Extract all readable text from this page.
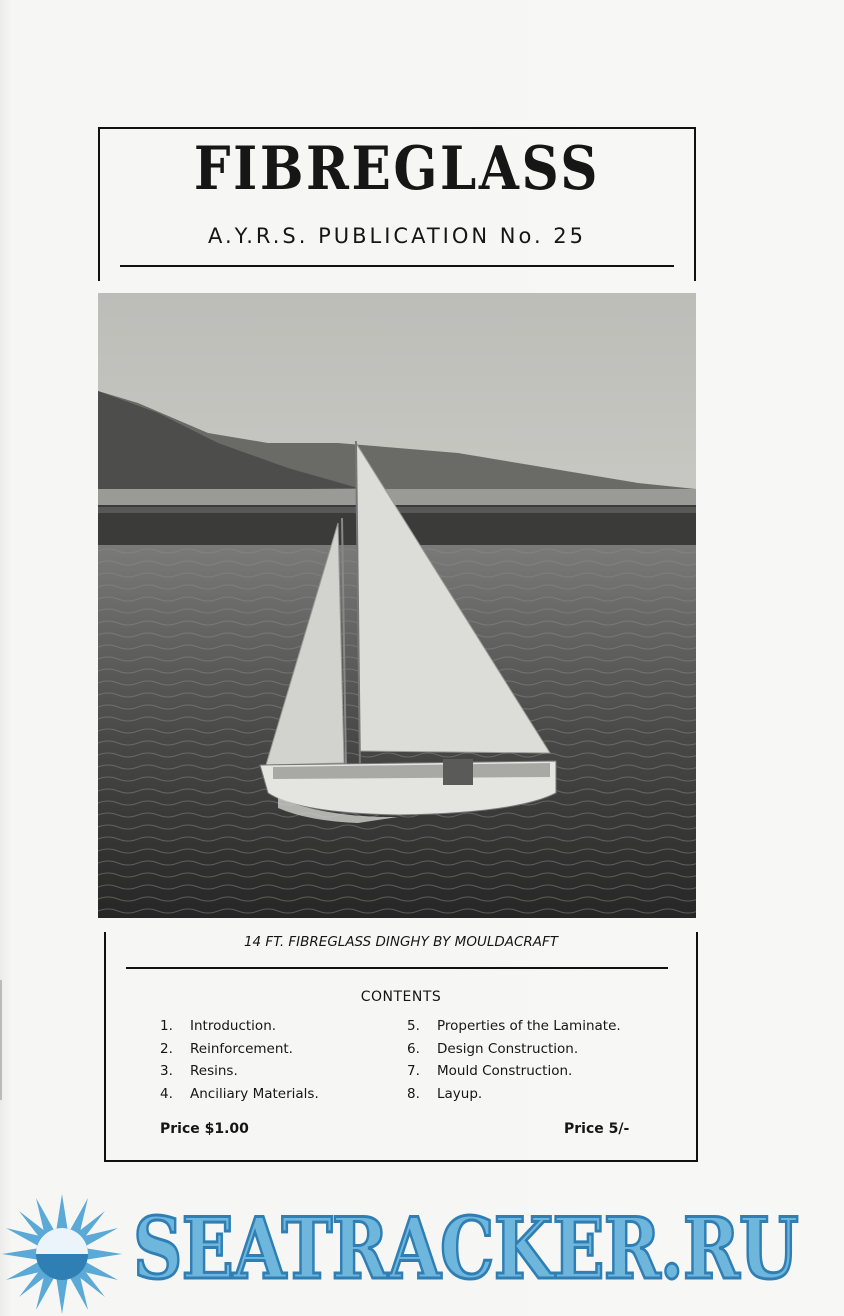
FIBREGLASS
A.Y.R.S. PUBLICATION No. 25
14 FT. FIBREGLASS DINGHY BY MOULDACRAFT
CONTENTS
1. Introduction.
2. Reinforcement.
3. Resins.
4. Anciliary Materials.
5. Properties of the Laminate.
6. Design Construction.
7. Mould Construction.
8. Layup.
Price $1.00	Price 5/-
SEATRACKER.RU
